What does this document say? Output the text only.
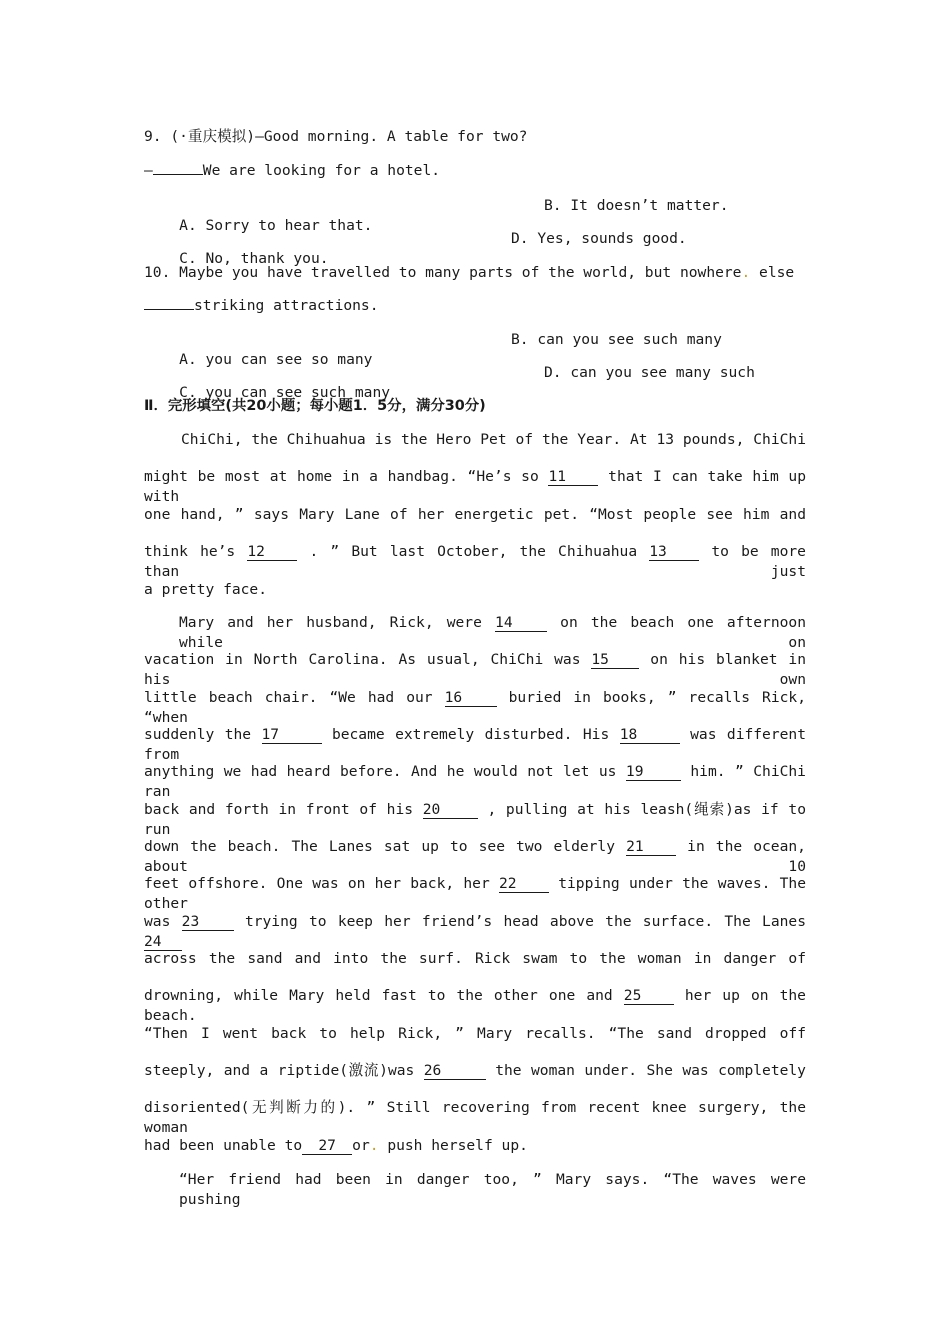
9. (·重庆模拟)—Good morning. A table for two?
—	We are looking for a hotel.

A. Sorry to hear that.

B. It doesn’t matter.

C. No, thank you.

D. Yes, sounds good.

10. Maybe you have travelled to many parts of the world, but nowhere. else
striking attractions.

A. you can see so many

B. can you see such many

C. you can see such many

D. can you see many such

Ⅱ．完形填空(共20小题；每小题1．5分，满分30分)
ChiChi, the Chihuahua is the Hero Pet of the Year. At 13 pounds, ChiChi
might be most at home in a handbag. “He’s so 11	that I can take him up with
one hand, ” says Mary Lane of her energetic pet. “Most people see him and
think he’s 12	. ” But last October, the Chihuahua 13	to be more than just
a pretty face.
Mary and her husband, Rick, were 14	on the beach one afternoon while on
vacation in North Carolina. As usual, ChiChi was 15	on his blanket in his own
little beach chair. “We had our 16	buried in books, ” recalls Rick, “when
suddenly the 17	became extremely disturbed. His 18	was different from
anything we had heard before. And he would not let us 19	him. ” ChiChi ran
back and forth in front of his 20	, pulling at his leash(绳索)as if to run
down the beach. The Lanes sat up to see two elderly 21	in the ocean, about 10
feet offshore. One was on her back, her 22	tipping under the waves. The other
was 23	trying to keep her friend’s head above the surface. The Lanes 24
across the sand and into the surf. Rick swam to the woman in danger of
drowning, while Mary held fast to the other one and 25	her up on the beach.
“Then I went back to help Rick, ” Mary recalls. “The sand dropped off
steeply, and a riptide(激流)was 26	the woman under. She was completely
disoriented(无判断力的). ” Still recovering from recent knee surgery, the woman
had been unable to 27 or. push herself up.
“Her friend had been in danger too, ” Mary says. “The waves were pushing
